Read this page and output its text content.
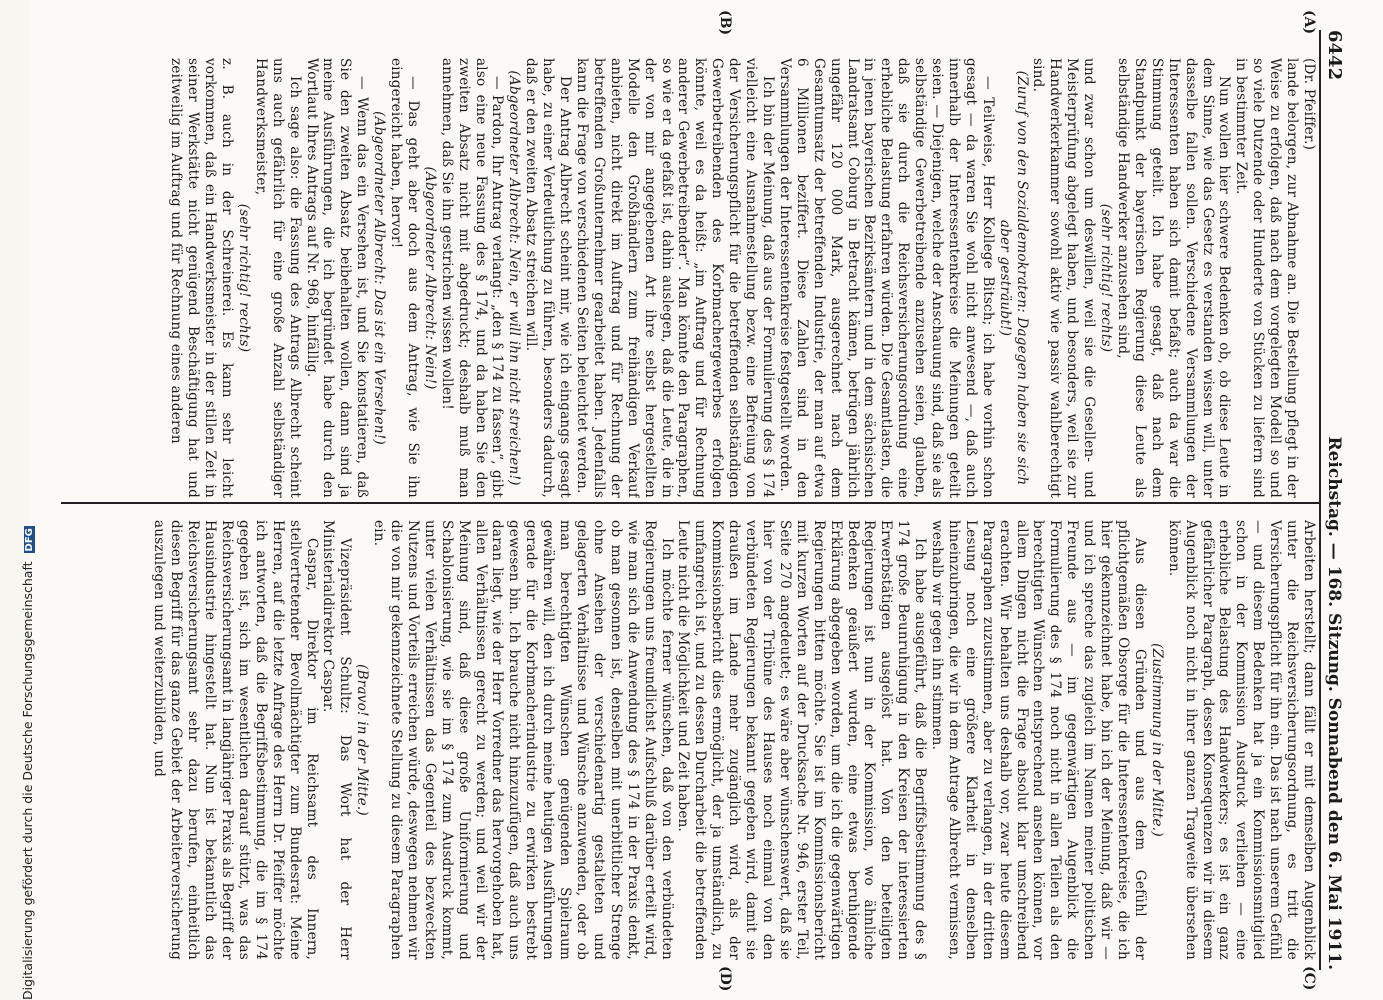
6442
Reichstag. — 168. Sitzung. Sonnabend den 6. Mai 1911.
(A)
(B)
(C)
(D)

(Dr. Pfeiffer.)

lande belorgen, zur Abnahme an. Die Bestellung pflegt in der Weise zu erfolgen, daß nach dem vorgelegten Modell so und so viele Dutzende oder Hunderte von Stücken zu liefern sind in bestimmter Zeit.

Nun wollen hier schwere Bedenken ob, ob diese Leute in dem Sinne, wie das Gesetz es verstanden wissen will, unter dasselbe fallen sollen. Verschiedene Versammlungen der Interessenten haben sich damit befaßt; auch da war die Stimmung geteilt. Ich habe gesagt, daß nach dem Standpunkt der bayerischen Regierung diese Leute als selbständige Handwerker anzusehen sind,

(sehr richtig! rechts)

und zwar schon um deswillen, weil sie die Gesellen- und Meisterprüfung abgelegt haben, und besonders, weil sie zur Handwerkerkammer sowohl aktiv wie passiv wahlberechtigt sind.

(Zuruf von den Sozialdemokraten: Dagegen haben sie sich aber gesträubt!)

— Teilweise, Herr Kollege Bitsch; ich habe vorhin schon gesagt — da waren Sie wohl nicht anwesend —, daß auch innerhalb der Interessentenkreise die Meinungen geteilt seien. — Diejenigen, welche der Anschauung sind, daß sie als selbständige Gewerbetreibende anzusehen seien, glauben, daß sie durch die Reichsversicherungsordnung eine erhebliche Belastung erfahren würden. Die Gesamtlasten, die in jenen bayerischen Bezirksämtern und in dem sächsischen Landratsamt Coburg in Betracht kämen, betrügen jährlich ungefähr 120 000 Mark, ausgerechnet nach dem Gesamtumsatz der betreffenden Industrie, der man auf etwa 6 Millionen beziffert. Diese Zahlen sind in den Versammlungen der Interessentenkreise festgestellt worden.

Ich bin der Meinung, daß aus der Formulierung des § 174 vielleicht eine Ausnahmestellung bezw. eine Befreiung von der Versicherungspflicht für die betreffenden selbständigen Gewerbetreibenden des Korbmachergewerbes erfolgen könnte, weil es da heißt: „im Auftrag und für Rechnung anderer Gewerbetreibender“. Man könnte den Paragraphen, so wie er da gefaßt ist, dahin auslegen, daß die Leute, die in der von mir angegebenen Art ihre selbst hergestellten Modelle den Großhändlern zum freihändigen Verkauf anbieten, nicht direkt im Auftrag und für Rechnung der betreffenden Großunternehmer gearbeitet haben. Jedenfalls kann die Frage von verschiedenen Seiten beleuchtet werden.

Der Antrag Albrecht scheint mir, wie ich eingangs gesagt habe, zu einer Verdeutlichung zu führen, besonders dadurch, daß er den zweiten Absatz streichen will.

(Abgeordneter Albrecht: Nein, er will ihn nicht streichen!)

— Pardon, Ihr Antrag verlangt: „den § 174 zu fassen“, gibt also eine neue Fassung des § 174, und da haben Sie den zweiten Absatz nicht mit abgedruckt; deshalb muß man annehmen, daß Sie ihn gestrichen wissen wollen!

(Abgeordneter Albrecht: Nein!)

— Das geht aber doch aus dem Antrag, wie Sie ihn eingereicht haben, hervor!

(Abgeordneter Albrecht: Das ist ein Versehen!)

— Wenn das ein Versehen ist, und Sie konstatieren, daß Sie den zweiten Absatz beibehalten wollen, dann sind ja meine Ausführungen, die ich begründet habe durch den Wortlaut Ihres Antrags auf Nr. 968, hinfällig.

Ich sage also: die Fassung des Antrags Albrecht scheint uns auch gefährlich für eine große Anzahl selbständiger Handwerksmeister,

(sehr richtig! rechts)

z. B. auch in der Schreinerei. Es kann sehr leicht vorkommen, daß ein Handwerksmeister in der stillen Zeit in seiner Werkstätte nicht genügend Beschäftigung hat und zeitweilig im Auftrag und für Rechnung eines anderen

Arbeiten herstellt; dann fällt er mit demselben Augenblick unter die Reichsversicherungsordnung, es tritt die Versicherungspflicht für ihn ein. Das ist nach unserem Gefühl — und diesem Bedenken hat ja ein Kommissionsmitglied schon in der Kommission Ausdruck verliehen — eine erhebliche Belastung des Handwerkers; es ist ein ganz gefährlicher Paragraph, dessen Konsequenzen wir in diesem Augenblick noch nicht in ihrer ganzen Tragweite übersehen können.

(Zustimmung in der Mitte.)

Aus diesen Gründen und aus dem Gefühl der pflichtgemäßen Obsorge für die Interessentenkreise, die ich hier gekennzeichnet habe, bin ich der Meinung, daß wir — und ich spreche das zugleich im Namen meiner politischen Freunde aus — im gegenwärtigen Augenblick die Formulierung des § 174 noch nicht in allen Teilen als den berechtigten Wünschen entsprechend ansehen können, vor allem Dingen nicht die Frage absolut klar umschreibend erachten. Wir behalten uns deshalb vor, zwar heute diesem Paragraphen zuzustimmen, aber zu verlangen, in der dritten Lesung noch eine größere Klarheit in denselben hineinzubringen, die wir in dem Antrage Albrecht vermissen, weshalb wir gegen ihn stimmen.

Ich habe ausgeführt, daß die Begriffsbestimmung des § 174 große Beunruhigung in den Kreisen der interessierten Erwerbstätigen ausgelöst hat. Von den beteiligten Regierungen ist nun in der Kommission, wo ähnliche Bedenken geäußert wurden, eine etwas beruhigende Erklärung abgegeben worden, um die ich die gegenwärtigen Regierungen bitten möchte. Sie ist im Kommissionsbericht mit kurzen Worten auf der Drucksache Nr. 946, erster Teil, Seite 270 angedeutet; es wäre aber wünschenswert, daß sie hier von der Tribüne des Hauses noch einmal von den verbündeten Regierungen bekannt gegeben wird, damit sie draußen im Lande mehr zugänglich wird, als der Kommissionsbericht dies ermöglicht, der ja umständlich, zu umfangreich ist, und zu dessen Durcharbeit die betreffenden Leute nicht die Möglichkeit und Zeit haben.

Ich möchte ferner wünschen, daß von den verbündeten Regierungen uns freundlichst Aufschluß darüber erteilt wird, wie man sich die Anwendung des § 174 in der Praxis denkt, ob man gesonnen ist, denselben mit unerbittlicher Strenge ohne Ansehen der verschiedenartig gestalteten und gelagerten Verhältnisse und Wünsche anzuwenden, oder ob man berechtigten Wünschen genügenden Spielraum gewähren will, den ich durch meine heutigen Ausführungen gerade für die Korbmacherindustrie zu erwirken bestrebt gewesen bin. Ich brauche nicht hinzuzufügen, daß auch uns daran liegt, wie der Herr Vorredner das hervorgehoben hat, allen Verhältnissen gerecht zu werden; und weil wir der Meinung sind, daß diese große Uniformierung und Schablonisierung, wie sie im § 174 zum Ausdruck kommt, unter vielen Verhältnissen das Gegenteil des bezweckten Nutzens und Vorteils erreichen würde, deswegen nehmen wir die von mir gekennzeichnete Stellung zu diesem Paragraphen ein.

(Bravo! in der Mitte.)

Vizepräsident Schultz: Das Wort hat der Herr Ministerialdirektor Caspar.

Caspar, Direktor im Reichsamt des Innern, stellvertretender Bevollmächtigter zum Bundesrat: Meine Herren, auf die letzte Anfrage des Herrn Dr. Pfeiffer möchte ich antworten, daß die Begriffsbestimmung, die im § 174 gegeben ist, sich im wesentlichen darauf stützt, was das Reichsversicherungsamt in langjähriger Praxis als Begriff der Hausindustrie hingestellt hat. Nun ist bekanntlich das Reichsversicherungsamt sehr dazu berufen, einheitlich diesen Begriff für das ganze Gebiet der Arbeiterversicherung auszulegen und weiterzubilden, und

Digitalisierung gefördert durch die Deutsche Forschungsgemeinschaft DFG
